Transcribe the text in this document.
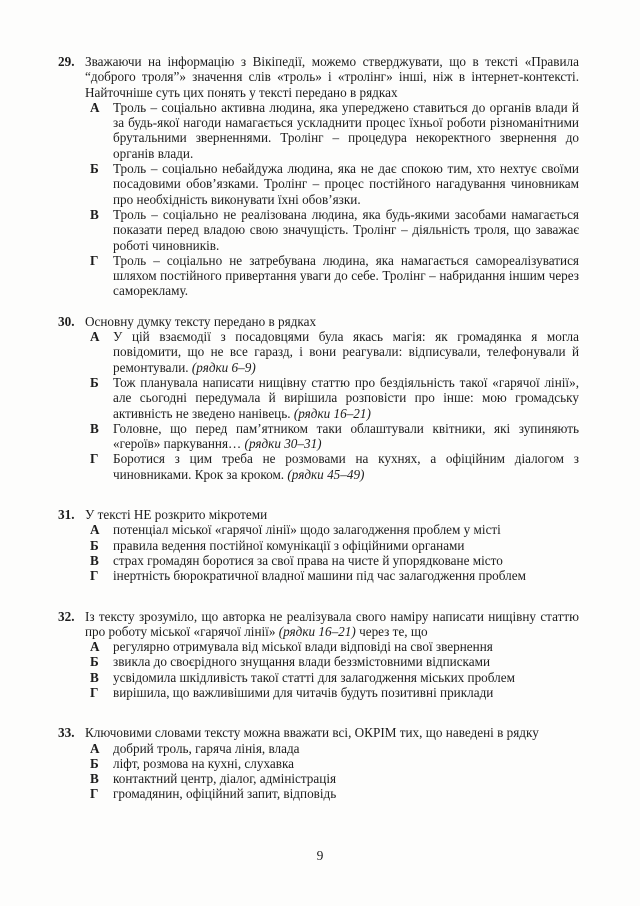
29. Зважаючи на інформацію з Вікіпедії, можемо стверджувати, що в тексті «Правила “доброго троля”» значення слів «троль» і «тролінг» інші, ніж в інтернет-контексті. Найточніше суть цих понять у тексті передано в рядках

А	Троль – соціально активна людина, яка упереджено ставиться до органів влади й за будь-якої нагоди намагається ускладнити процес їхньої роботи різноманітними брутальними зверненнями. Тролінг – процедура некоректного звернення до органів влади.

Б	Троль – соціально небайдужа людина, яка не дає спокою тим, хто нехтує своїми посадовими обов’язками. Тролінг – процес постійного нагадування чиновникам про необхідність виконувати їхні обов’язки.

В	Троль – соціально не реалізована людина, яка будь-якими засобами намагається показати перед владою свою значущість. Тролінг – діяльність троля, що заважає роботі чиновників.

Г	Троль – соціально не затребувана людина, яка намагається самореалізуватися шляхом постійного привертання уваги до себе. Тролінг – набридання іншим через саморекламу.

30. Основну думку тексту передано в рядках

А	У цій взаємодії з посадовцями була якась магія: як громадянка я могла повідомити, що не все гаразд, і вони реагували: відписували, телефонували й ремонтували. (рядки 6–9)

Б	Тож планувала написати нищівну статтю про бездіяльність такої «гарячої лінії», але сьогодні передумала й вирішила розповісти про інше: мою громадську активність не зведено нанівець. (рядки 16–21)

В	Головне, що перед пам’ятником таки облаштували квітники, які зупиняють «героїв» паркування… (рядки 30–31)

Г	Боротися з цим треба не розмовами на кухнях, а офіційним діалогом з чиновниками. Крок за кроком. (рядки 45–49)

31. У тексті НЕ розкрито мікротеми

А	потенціал міської «гарячої лінії» щодо залагодження проблем у місті

Б	правила ведення постійної комунікації з офіційними органами

В	страх громадян боротися за свої права на чисте й упорядковане місто

Г	інертність бюрократичної владної машини під час залагодження проблем

32. Із тексту зрозуміло, що авторка не реалізувала свого наміру написати нищівну статтю про роботу міської «гарячої лінії» (рядки 16–21) через те, що

А	регулярно отримувала від міської влади відповіді на свої звернення

Б	звикла до своєрідного знущання влади беззмістовними відписками

В	усвідомила шкідливість такої статті для залагодження міських проблем

Г	вирішила, що важливішими для читачів будуть позитивні приклади

33. Ключовими словами тексту можна вважати всі, ОКРІМ тих, що наведені в рядку

А	добрий троль, гаряча лінія, влада

Б	ліфт, розмова на кухні, слухавка

В	контактний центр, діалог, адміністрація

Г	громадянин, офіційний запит, відповідь

9
